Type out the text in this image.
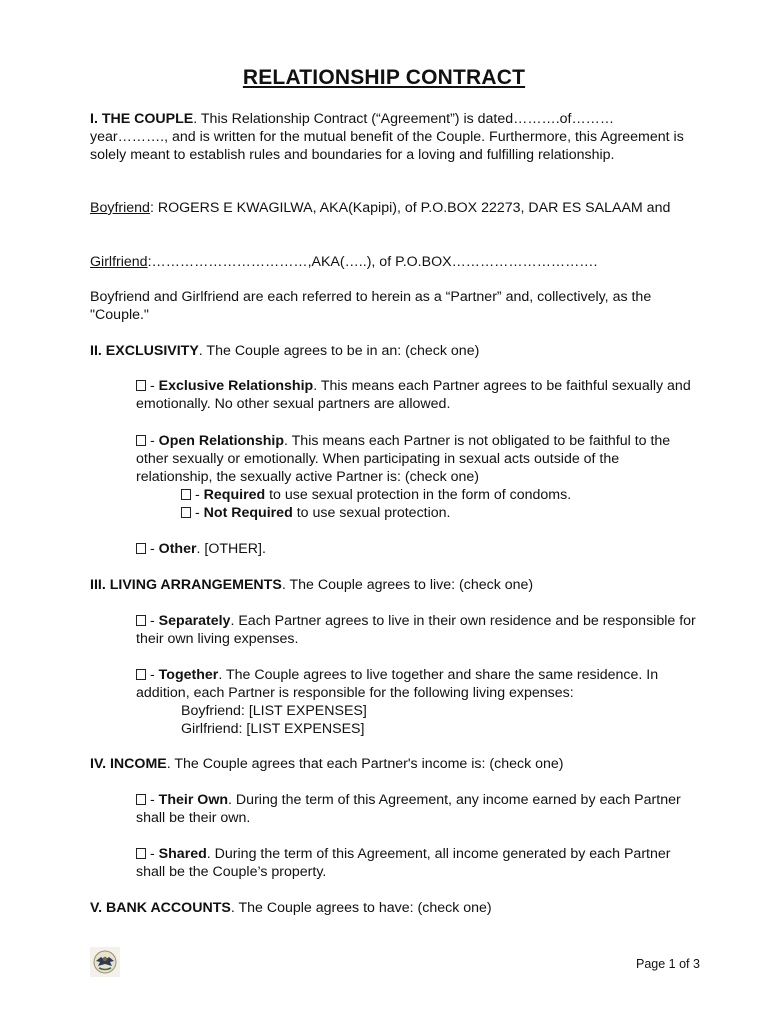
RELATIONSHIP CONTRACT
I. THE COUPLE. This Relationship Contract (“Agreement”) is dated……….of……… year………., and is written for the mutual benefit of the Couple. Furthermore, this Agreement is solely meant to establish rules and boundaries for a loving and fulfilling relationship.
Boyfriend: ROGERS E KWAGILWA, AKA(Kapipi), of P.O.BOX 22273, DAR ES SALAAM and
Girlfriend:……………………………,AKA(…..), of P.O.BOX………………………….
Boyfriend and Girlfriend are each referred to herein as a “Partner” and, collectively, as the "Couple."
II. EXCLUSIVITY. The Couple agrees to be in an: (check one)
- Exclusive Relationship. This means each Partner agrees to be faithful sexually and emotionally. No other sexual partners are allowed.
- Open Relationship. This means each Partner is not obligated to be faithful to the other sexually or emotionally. When participating in sexual acts outside of the relationship, the sexually active Partner is: (check one)
- Required to use sexual protection in the form of condoms.
- Not Required to use sexual protection.
- Other. [OTHER].
III. LIVING ARRANGEMENTS. The Couple agrees to live: (check one)
- Separately. Each Partner agrees to live in their own residence and be responsible for their own living expenses.
- Together. The Couple agrees to live together and share the same residence. In addition, each Partner is responsible for the following living expenses:
Boyfriend: [LIST EXPENSES]
Girlfriend: [LIST EXPENSES]
IV. INCOME. The Couple agrees that each Partner's income is: (check one)
- Their Own. During the term of this Agreement, any income earned by each Partner shall be their own.
- Shared. During the term of this Agreement, all income generated by each Partner shall be the Couple’s property.
V. BANK ACCOUNTS. The Couple agrees to have: (check one)
Page 1 of 3
